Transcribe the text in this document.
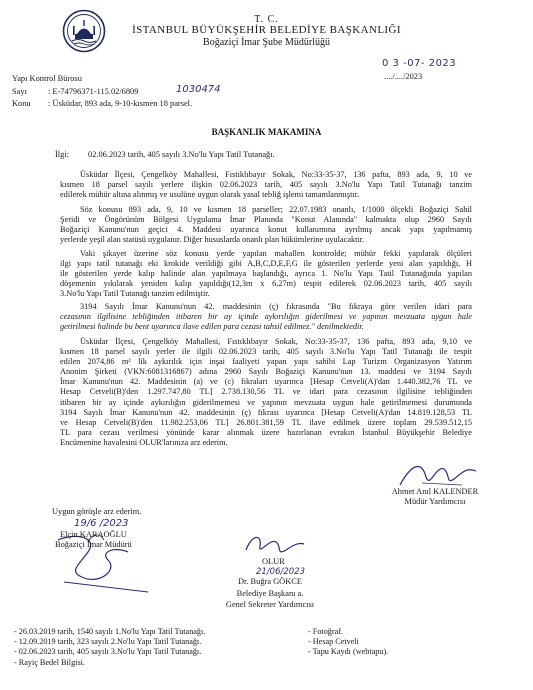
T. C.
İSTANBUL BÜYÜKŞEHİR BELEDİYE BAŞKANLIĞI
Boğaziçi İmar Şube Müdürlüğü
0 3 -07- 2023
..../..../2023
Yapı Kontrol Bürosu
Sayı	: E-74796371-115.02/6809	1030474
Konu : Üsküdar, 893 ada, 9-10-kısmen 18 parsel.
BAŞKANLIK MAKAMINA
İlgi: 02.06.2023 tarih, 405 sayılı 3.No'lu Yapı Tatil Tutanağı.
Üsküdar İlçesi, Çengelköy Mahallesi, Fıstıklıbayır Sokak, No:33-35-37, 136 pafta, 893 ada, 9, 10 ve
kısmen 18 parsel sayılı yerlere ilişkin 02.06.2023 tarih, 405 sayılı 3.No'lu Yapı Tatil Tutanağı tanzim
edilerek mühür altına alınmış ve usulüne uygun olarak yasal tebliğ işlemi tamamlanmıştır.
Söz konusu 893 ada, 9, 10 ve kısmen 18 parseller; 22.07.1983 onanlı, 1/1000 ölçekli Boğaziçi Sahil
Şeridi ve Öngörünüm Bölgesi Uygulama İmar Planında "Konut Alanında" kalmakta olup 2960 Sayılı
Boğaziçi Kanunu'nun geçici 4. Maddesi uyarınca konut kullanımına ayrılmış ancak yapı yapılmamış
yerlerde yeşil alan statüsü uygulanır. Diğer hususlarda onanlı plan hükümlerine uyulacaktır.
Vaki şikayet üzerine söz konusu yerde yapılan mahallen kontrolde; mühür fekki yapılarak ölçüleri
ilgi yapı tatil tutanağı eki krokide verildiği gibi A,B,C,D,E,F,G ile gösterilen yerlerde yeni alan yapıldığı, H
ile gösterilen yerde kalıp halinde alan yapılmaya başlandığı, ayrıca 1. No'lu Yapı Tatil Tutanağında yapılan
döşemenin yıkılarak yeniden kalıp yapıldığı(12,3m x 6,27m) tespit edilerek 02.06.2023 tarih, 405 sayılı
3.No'lu Yapı Tatil Tutanağı tanzim edilmiştir.
3194 Sayılı İmar Kanunu'nun 42. maddesinin (ç) fıkrasında "Bu fıkraya göre verilen idari para
cezasının ilgilisine tebliğinden itibaren bir ay içinde aykırılığın giderilmesi ve yapının mevzuata uygun hale
getirilmesi halinde bu bent uyarınca ilave edilen para cezası tahsil edilmez." denilmektedir.
Üsküdar İlçesi, Çengelköy Mahallesi, Fıstıklıbayır Sokak, No:33-35-37, 136 pafta, 893 ada, 9,10 ve
kısmen 18 parsel sayılı yerler ile ilgili 02.06.2023 tarih, 405 sayılı 3.No'lu Yapı Tatil Tutanağı ile tespit
edilen 2074,86 m² lik aykırılık için inşai faaliyeti yapan yapı sahibi Lap Turizm Organizasyon Yatırım
Anonim Şirketi (VKN:6081316867) adına 2960 Sayılı Boğaziçi Kanunu'nun 13. maddesi ve 3194 Sayılı
İmar Kanunu'nun 42. Maddesinin (a) ve (c) fıkraları uyarınca [Hesap Cetveli(A)'dan 1.440.382,76 TL ve
Hesap Cetveli(B)'den 1.297.747,80 TL] 2.738.130,56 TL ve idari para cezasının ilgilisine tebliğinden
itibaren bir ay içinde aykırılığın giderilmemesi ve yapının mevzuata uygun hale getirilmemesi durumunda
3194 Sayılı İmar Kanunu'nun 42. maddesinin (ç) fıkrası uyarınca [Hesap Cetveli(A)'dan 14.819.128,53 TL
ve Hesap Cetveli(B)'den 11.982.253,06 TL] 26.801.381,59 TL ilave edilmek üzere toplam 29.539.512,15
TL para cezası verilmesi yönünde karar alınmak üzere hazırlanan evrakın İstanbul Büyükşehir Belediye
Encümenine havalesini OLUR'larınıza arz ederim.
Ahmet Anıl KALENDER
Müdür Yardımcısı
Uygun görüşle arz ederim.
19/6 /2023
Elçin KARAOĞLU
Boğaziçi İmar Müdürü
OLUR
21/06/2023
Dr. Buğra GÖKCE
Belediye Başkanı a.
Genel Sekreter Yardımcısı
- 26.03.2019 tarih, 1540 sayılı 1.No'lu Yapı Tatil Tutanağı.
- 12.09.2019 tarih, 323 sayılı 2.No'lu Yapı Tatil Tutanağı.
- 02.06.2023 tarih, 405 sayılı 3.No'lu Yapı Tatil Tutanağı.
- Rayiç Bedel Bilgisi.
- Fotoğraf.
- Hesap Cetveli
- Tapu Kaydı (webtapu).
